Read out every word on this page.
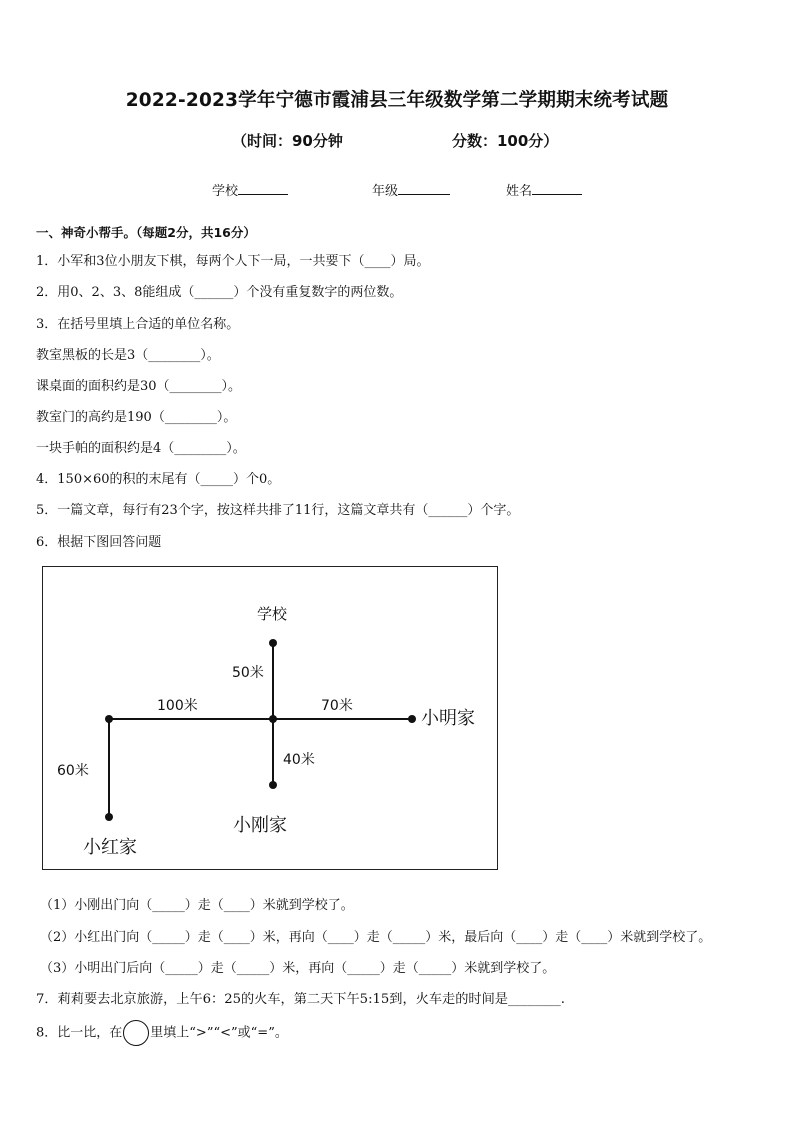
2022-2023学年宁德市霞浦县三年级数学第二学期期末统考试题
（时间：90分钟	分数：100分）
学校	年级	姓名
一、神奇小帮手。（每题2分，共16分）
1．小军和3位小朋友下棋，每两个人下一局，一共要下（____）局。
2．用0、2、3、8能组成（______）个没有重复数字的两位数。
3．在括号里填上合适的单位名称。
教室黑板的长是3（________）。
课桌面的面积约是30（________）。
教室门的高约是190（________）。
一块手帕的面积约是4（________）。
4．150×60的积的末尾有（_____）个0。
5．一篇文章，每行有23个字，按这样共排了11行，这篇文章共有（______）个字。
6．根据下图回答问题
学校
50米
100米	70米
小明家
40米
60米
小刚家
小红家
（1）小刚出门向（_____）走（____）米就到学校了。
（2）小红出门向（_____）走（____）米，再向（____）走（_____）米，最后向（____）走（____）米就到学校了。
（3）小明出门后向（_____）走（_____）米，再向（_____）走（_____）米就到学校了。
7．莉莉要去北京旅游，上午6：25的火车，第二天下午5:15到，火车走的时间是________.
8．比一比，在 里填上“>”“<”或“=”。
